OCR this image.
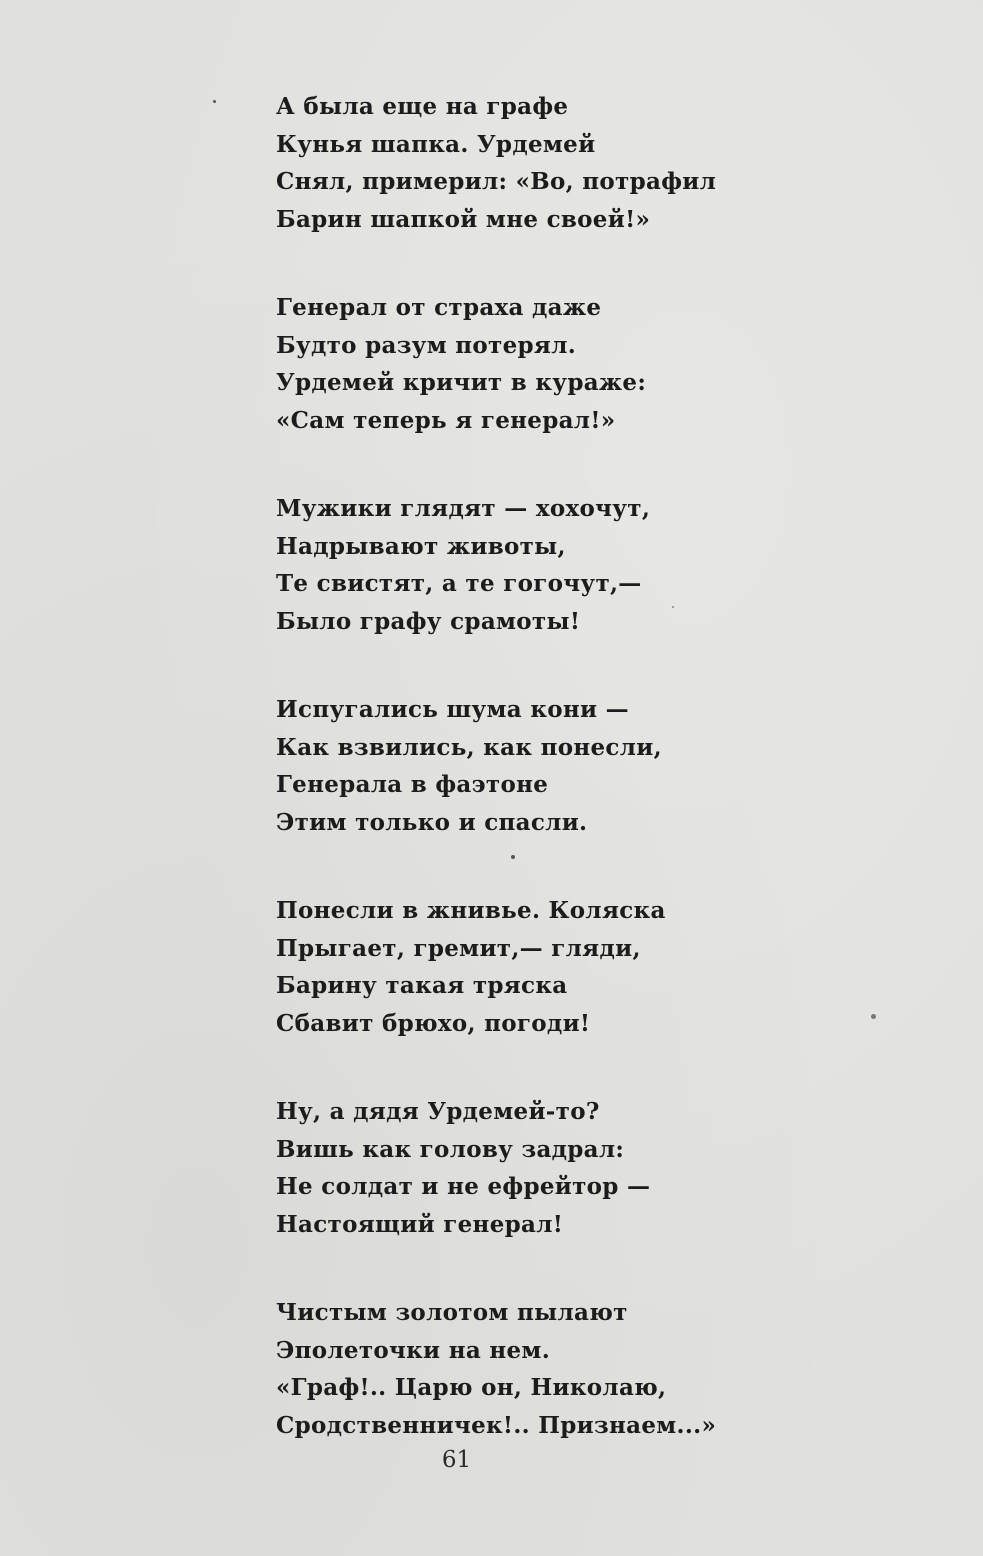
А была еще на графе
Кунья шапка. Урдемей
Снял, примерил: «Во, потрафил
Барин шапкой мне своей!»
Генерал от страха даже
Будто разум потерял.
Урдемей кричит в кураже:
«Сам теперь я генерал!»
Мужики глядят — хохочут,
Надрывают животы,
Те свистят, а те гогочут,—
Было графу срамоты!
Испугались шума кони —
Как взвились, как понесли,
Генерала в фаэтоне
Этим только и спасли.
Понесли в жнивье. Коляска
Прыгает, гремит,— гляди,
Барину такая тряска
Сбавит брюхо, погоди!
Ну, а дядя Урдемей-то?
Вишь как голову задрал:
Не солдат и не ефрейтор —
Настоящий генерал!
Чистым золотом пылают
Эполеточки на нем.
«Граф!.. Царю он, Николаю,
Сродственничек!.. Признаем...»
61
